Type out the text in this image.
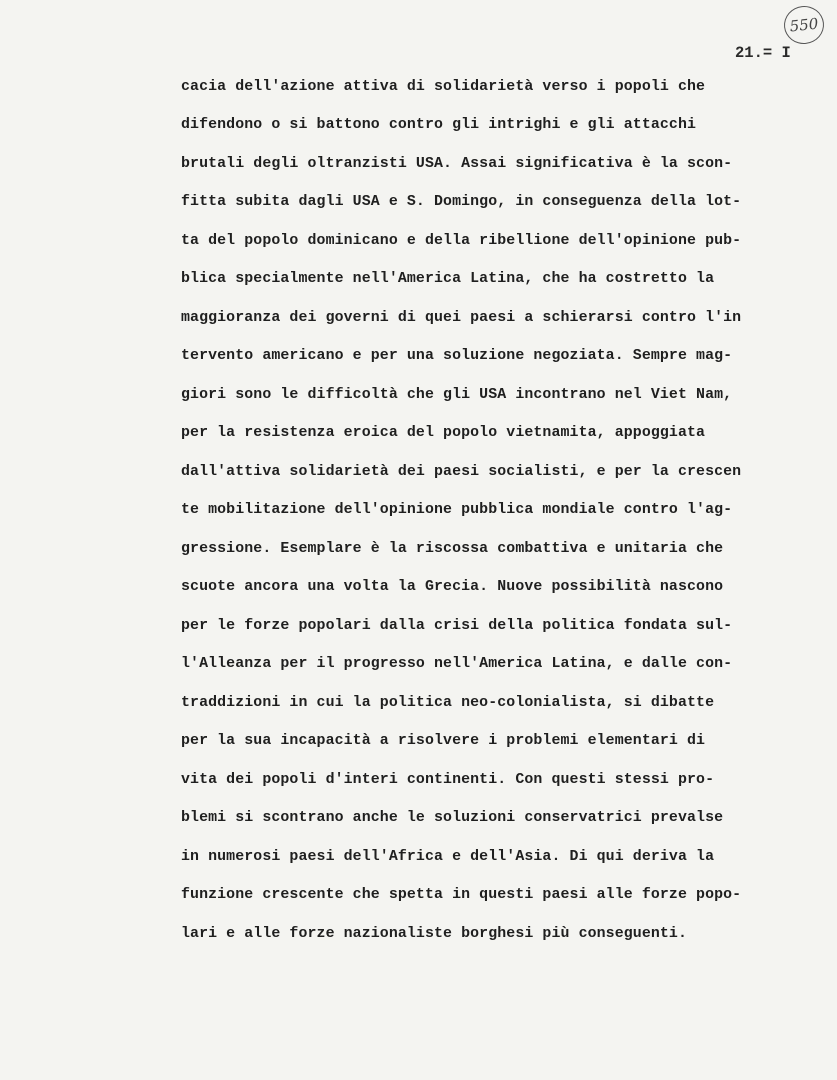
550
21.= I
cacia dell'azione attiva di solidarietà verso i popoli che
difendono o si battono contro gli intrighi e gli attacchi
brutali degli oltranzisti USA. Assai significativa è la scon-
fitta subita dagli USA e S. Domingo, in conseguenza della lot-
ta del popolo dominicano e della ribellione dell'opinione pub-
blica specialmente nell'America Latina, che ha costretto la
maggioranza dei governi di quei paesi a schierarsi contro l'in
tervento americano e per una soluzione negoziata. Sempre mag-
giori sono le difficoltà che gli USA incontrano nel Viet Nam,
per la resistenza eroica del popolo vietnamita, appoggiata
dall'attiva solidarietà dei paesi socialisti, e per la crescen
te mobilitazione dell'opinione pubblica mondiale contro l'ag-
gressione. Esemplare è la riscossa combattiva e unitaria che
scuote ancora una volta la Grecia. Nuove possibilità nascono
per le forze popolari dalla crisi della politica fondata sul-
l'Alleanza per il progresso nell'America Latina, e dalle con-
traddizioni in cui la politica neo-colonialista, si dibatte
per la sua incapacità a risolvere i problemi elementari di
vita dei popoli d'interi continenti. Con questi stessi pro-
blemi si scontrano anche le soluzioni conservatrici prevalse
in numerosi paesi dell'Africa e dell'Asia. Di qui deriva la
funzione crescente che spetta in questi paesi alle forze popo-
lari e alle forze nazionaliste borghesi più conseguenti.
